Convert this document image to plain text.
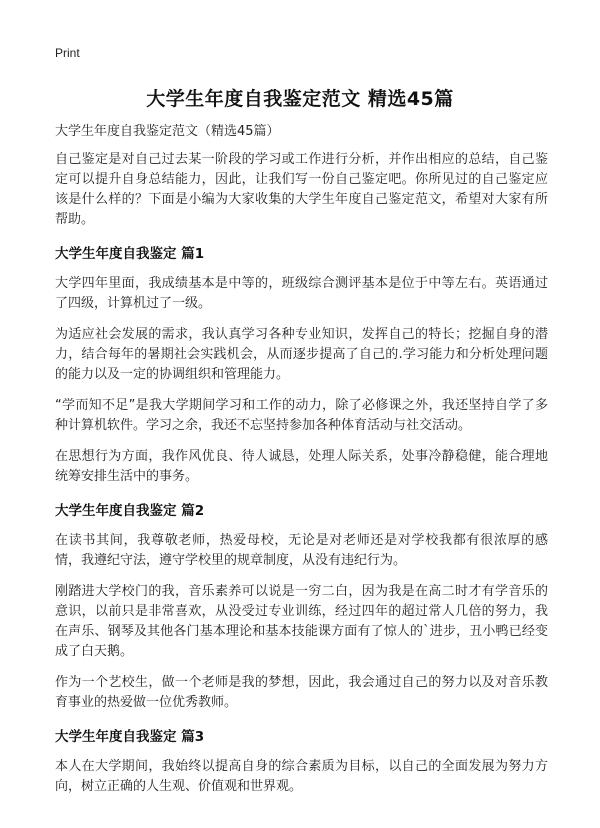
Print
大学生年度自我鉴定范文 精选45篇

大学生年度自我鉴定范文（精选45篇）

自己鉴定是对自己过去某一阶段的学习或工作进行分析，并作出相应的总结，自己鉴定可以提升自身总结能力，因此，让我们写一份自己鉴定吧。你所见过的自己鉴定应该是什么样的？下面是小编为大家收集的大学生年度自己鉴定范文，希望对大家有所帮助。

大学生年度自我鉴定 篇1

大学四年里面，我成绩基本是中等的，班级综合测评基本是位于中等左右。英语通过了四级，计算机过了一级。

为适应社会发展的需求，我认真学习各种专业知识，发挥自己的特长；挖掘自身的潜力，结合每年的暑期社会实践机会，从而逐步提高了自己的.学习能力和分析处理问题的能力以及一定的协调组织和管理能力。

“学而知不足”是我大学期间学习和工作的动力，除了必修课之外，我还坚持自学了多种计算机软件。学习之余，我还不忘坚持参加各种体育活动与社交活动。

在思想行为方面，我作风优良、待人诚恳，处理人际关系，处事冷静稳健，能合理地统筹安排生活中的事务。

大学生年度自我鉴定 篇2

在读书其间，我尊敬老师，热爱母校，无论是对老师还是对学校我都有很浓厚的感情，我遵纪守法，遵守学校里的规章制度，从没有违纪行为。

刚踏进大学校门的我，音乐素养可以说是一穷二白，因为我是在高二时才有学音乐的意识，以前只是非常喜欢，从没受过专业训练，经过四年的超过常人几倍的努力，我在声乐、钢琴及其他各门基本理论和基本技能课方面有了惊人的`进步，丑小鸭已经变成了白天鹅。

作为一个艺校生，做一个老师是我的梦想，因此，我会通过自己的努力以及对音乐教育事业的热爱做一位优秀教师。

大学生年度自我鉴定 篇3

本人在大学期间，我始终以提高自身的综合素质为目标，以自己的全面发展为努力方向，树立正确的人生观、价值观和世界观。
